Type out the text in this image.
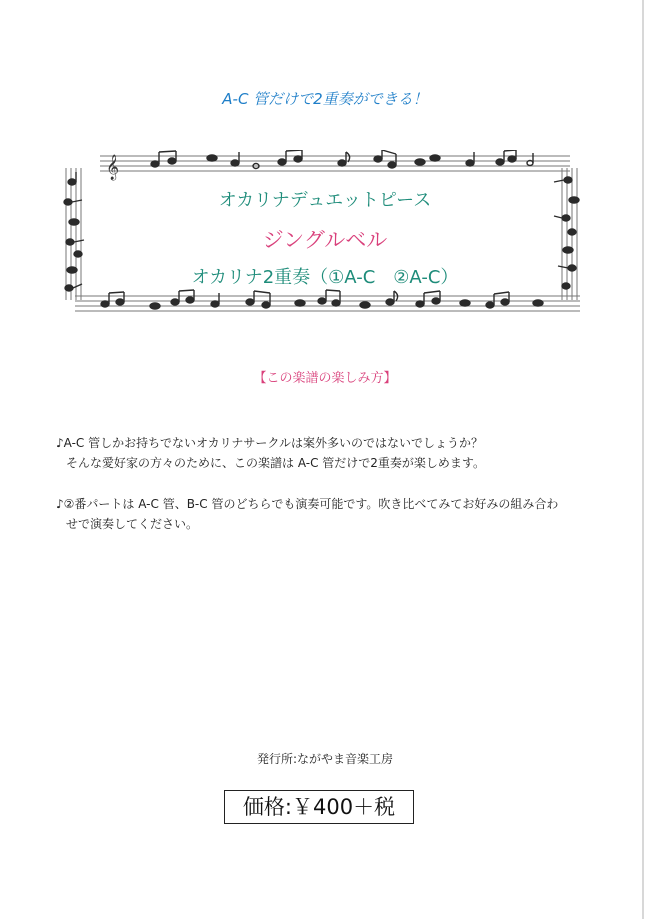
A-C 管だけで2重奏ができる！
𝄞
オカリナデュエットピース
ジングルベル
オカリナ2重奏（①A-C　②A-C）
【この楽譜の楽しみ方】
♪A-C 管しかお持ちでないオカリナサークルは案外多いのではないでしょうか？
そんな愛好家の方々のために、この楽譜は A-C 管だけで2重奏が楽しめます。
♪②番パートは A-C 管、B-C 管のどちらでも演奏可能です。吹き比べてみてお好みの組み合わ
せで演奏してください。
発行所:ながやま音楽工房
価格:￥400＋税
